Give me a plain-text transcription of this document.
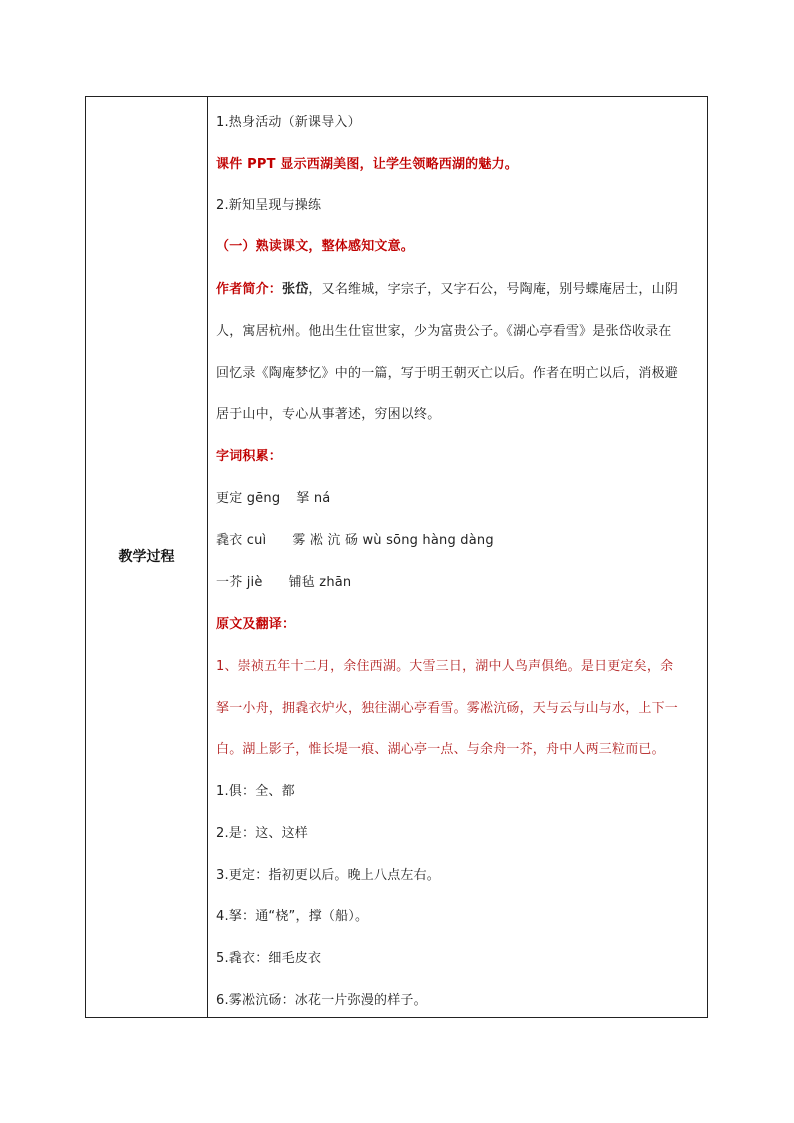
教学过程
1.热身活动（新课导入）
课件 PPT 显示西湖美图，让学生领略西湖的魅力。
2.新知呈现与操练
（一）熟读课文，整体感知文意。
作者简介：张岱，又名维城，字宗子，又字石公，号陶庵，别号蝶庵居士，山阴
人，寓居杭州。他出生仕宦世家，少为富贵公子。《湖心亭看雪》是张岱收录在
回忆录《陶庵梦忆》中的一篇，写于明王朝灭亡以后。作者在明亡以后，消极避
居于山中，专心从事著述，穷困以终。
字词积累：
更定 gēng 拏 ná
毳衣 cuì 雾 凇 沆 砀 wù sōng hàng dàng
一芥 jiè 铺毡 zhān
原文及翻译：
1、崇祯五年十二月，余住西湖。大雪三日，湖中人鸟声俱绝。是日更定矣，余
拏一小舟，拥毳衣炉火，独往湖心亭看雪。雾凇沆砀，天与云与山与水，上下一
白。湖上影子，惟长堤一痕、湖心亭一点、与余舟一芥，舟中人两三粒而已。
1.俱：全、都
2.是：这、这样
3.更定：指初更以后。晚上八点左右。
4.拏：通“桡”，撑（船）。
5.毳衣：细毛皮衣
6.雾凇沆砀：冰花一片弥漫的样子。
